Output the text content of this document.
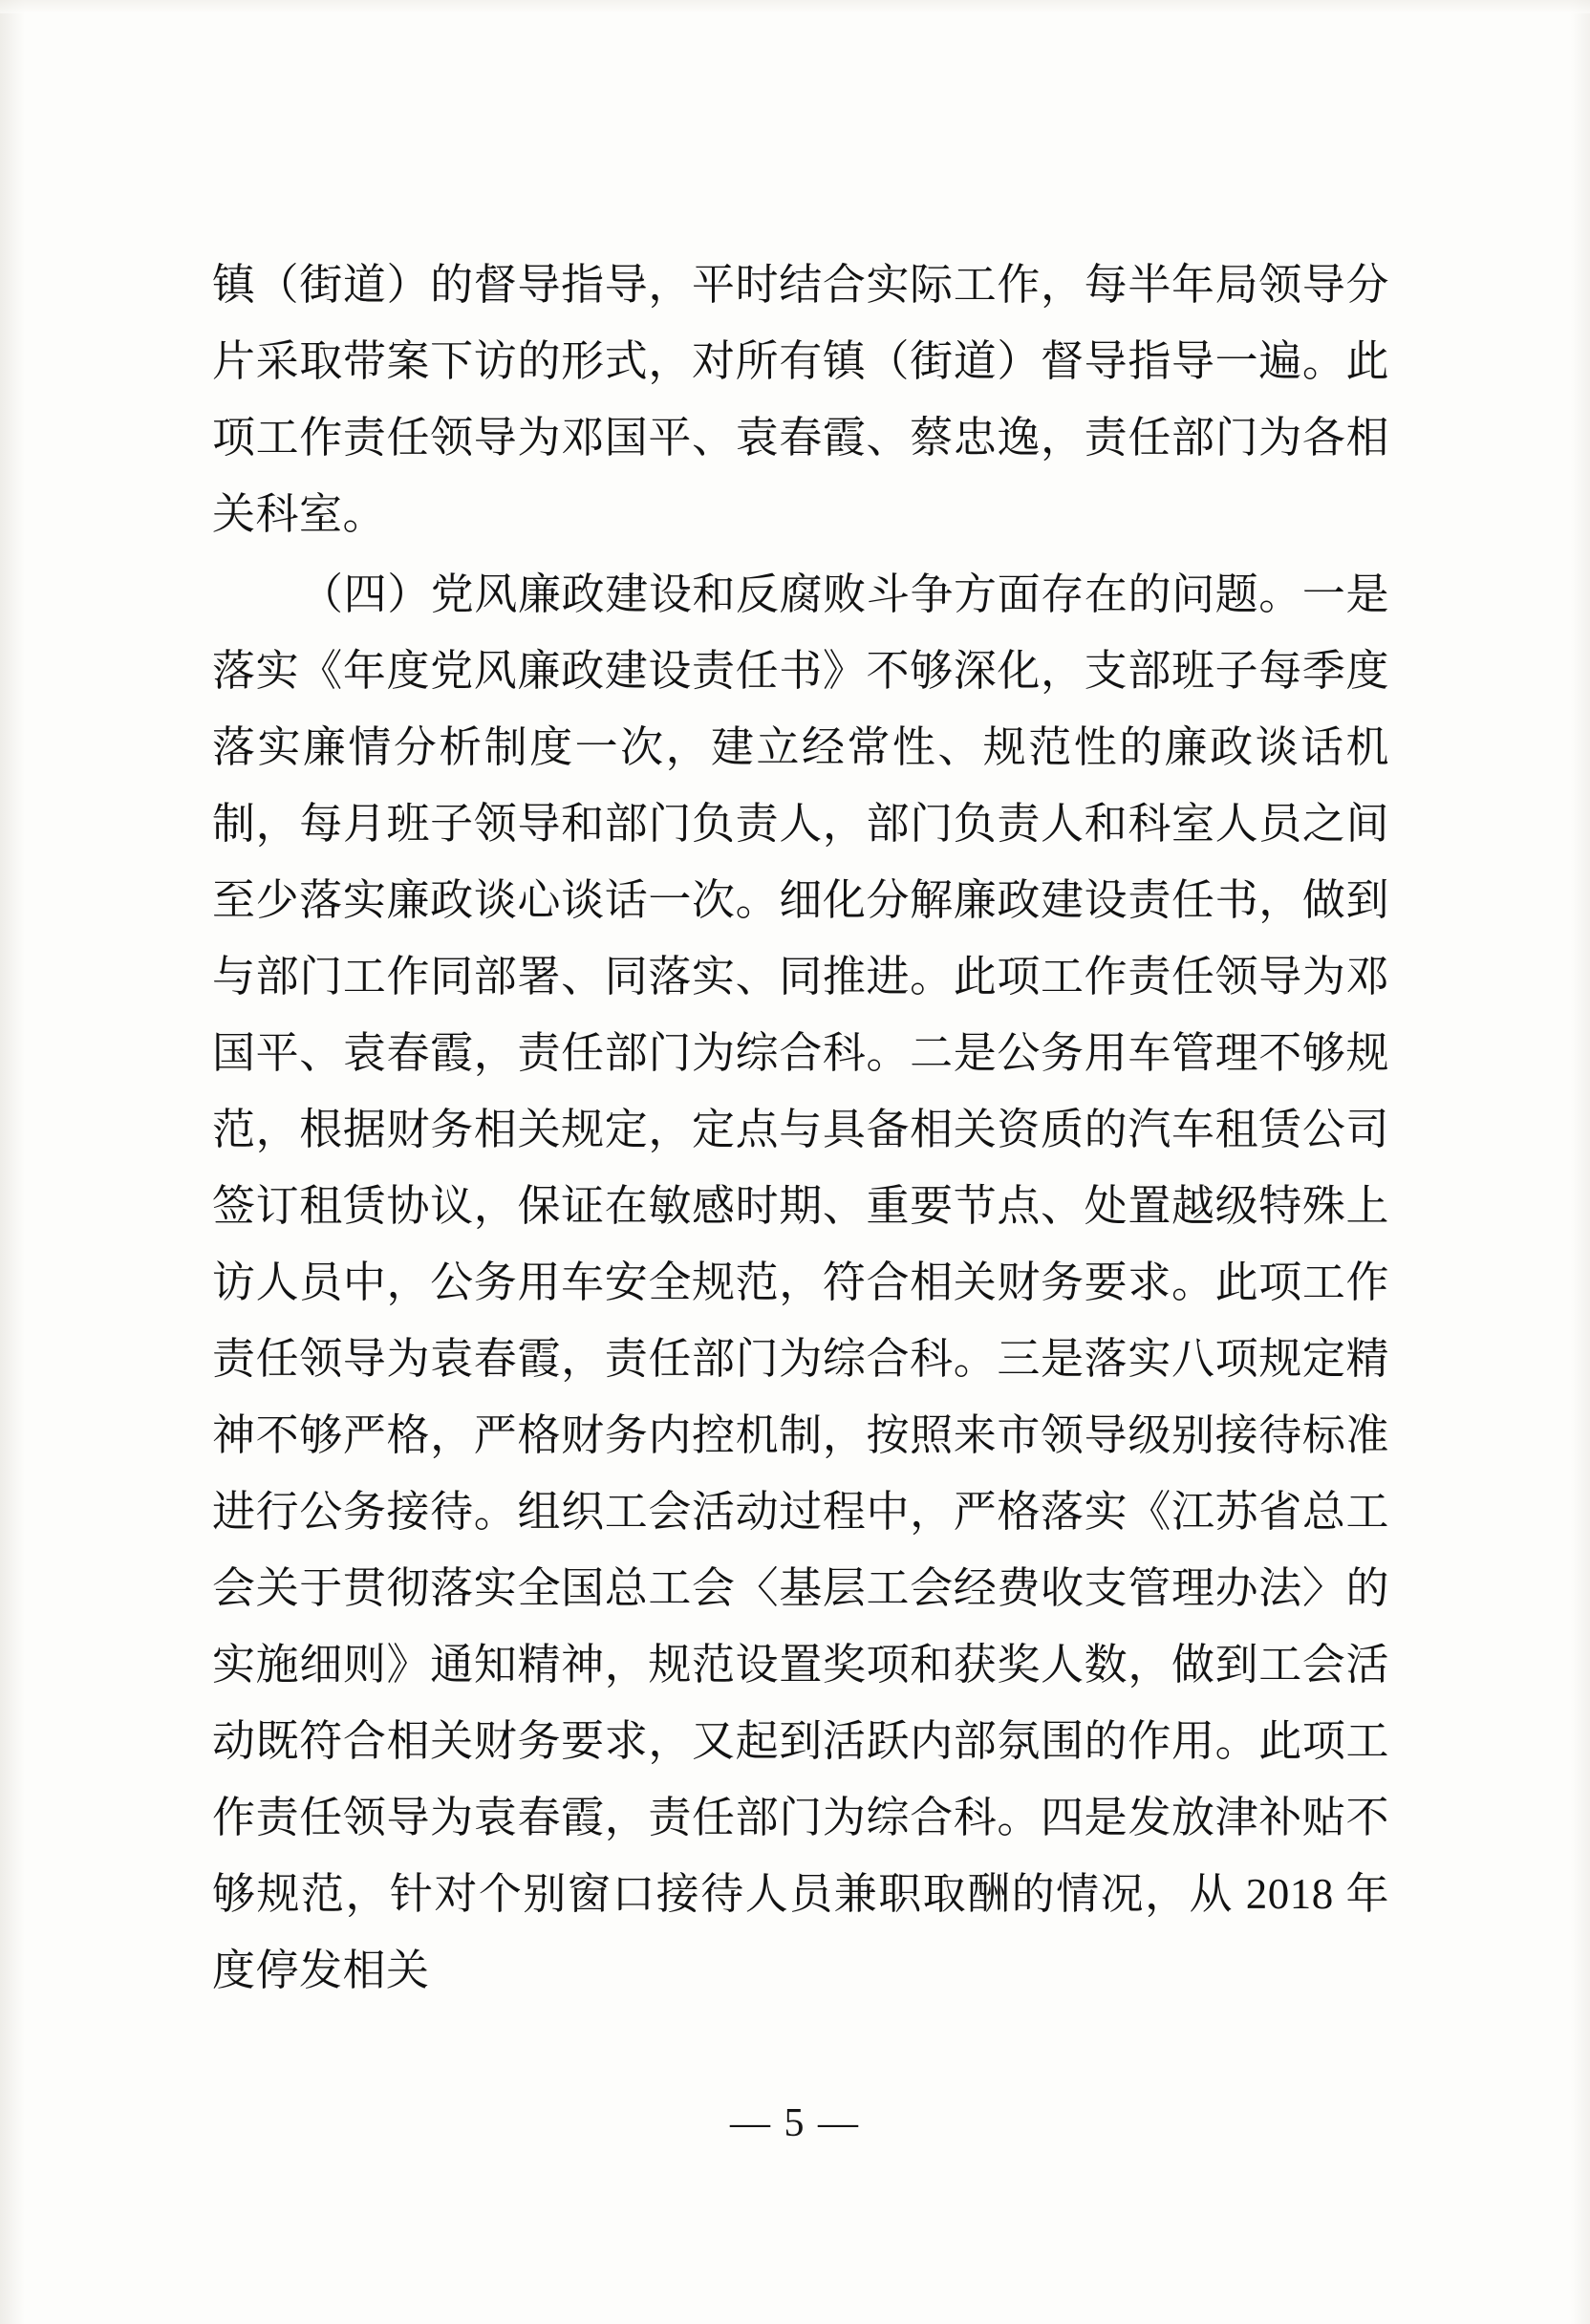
镇（街道）的督导指导，平时结合实际工作，每半年局领导分片采取带案下访的形式，对所有镇（街道）督导指导一遍。此项工作责任领导为邓国平、袁春霞、蔡忠逸，责任部门为各相关科室。

（四）党风廉政建设和反腐败斗争方面存在的问题。一是落实《年度党风廉政建设责任书》不够深化，支部班子每季度落实廉情分析制度一次，建立经常性、规范性的廉政谈话机制，每月班子领导和部门负责人，部门负责人和科室人员之间至少落实廉政谈心谈话一次。细化分解廉政建设责任书，做到与部门工作同部署、同落实、同推进。此项工作责任领导为邓国平、袁春霞，责任部门为综合科。二是公务用车管理不够规范，根据财务相关规定，定点与具备相关资质的汽车租赁公司签订租赁协议，保证在敏感时期、重要节点、处置越级特殊上访人员中，公务用车安全规范，符合相关财务要求。此项工作责任领导为袁春霞，责任部门为综合科。三是落实八项规定精神不够严格，严格财务内控机制，按照来市领导级别接待标准进行公务接待。组织工会活动过程中，严格落实《江苏省总工会关于贯彻落实全国总工会〈基层工会经费收支管理办法〉的实施细则》通知精神，规范设置奖项和获奖人数，做到工会活动既符合相关财务要求，又起到活跃内部氛围的作用。此项工作责任领导为袁春霞，责任部门为综合科。四是发放津补贴不够规范，针对个别窗口接待人员兼职取酬的情况，从 2018 年度停发相关

— 5 —
